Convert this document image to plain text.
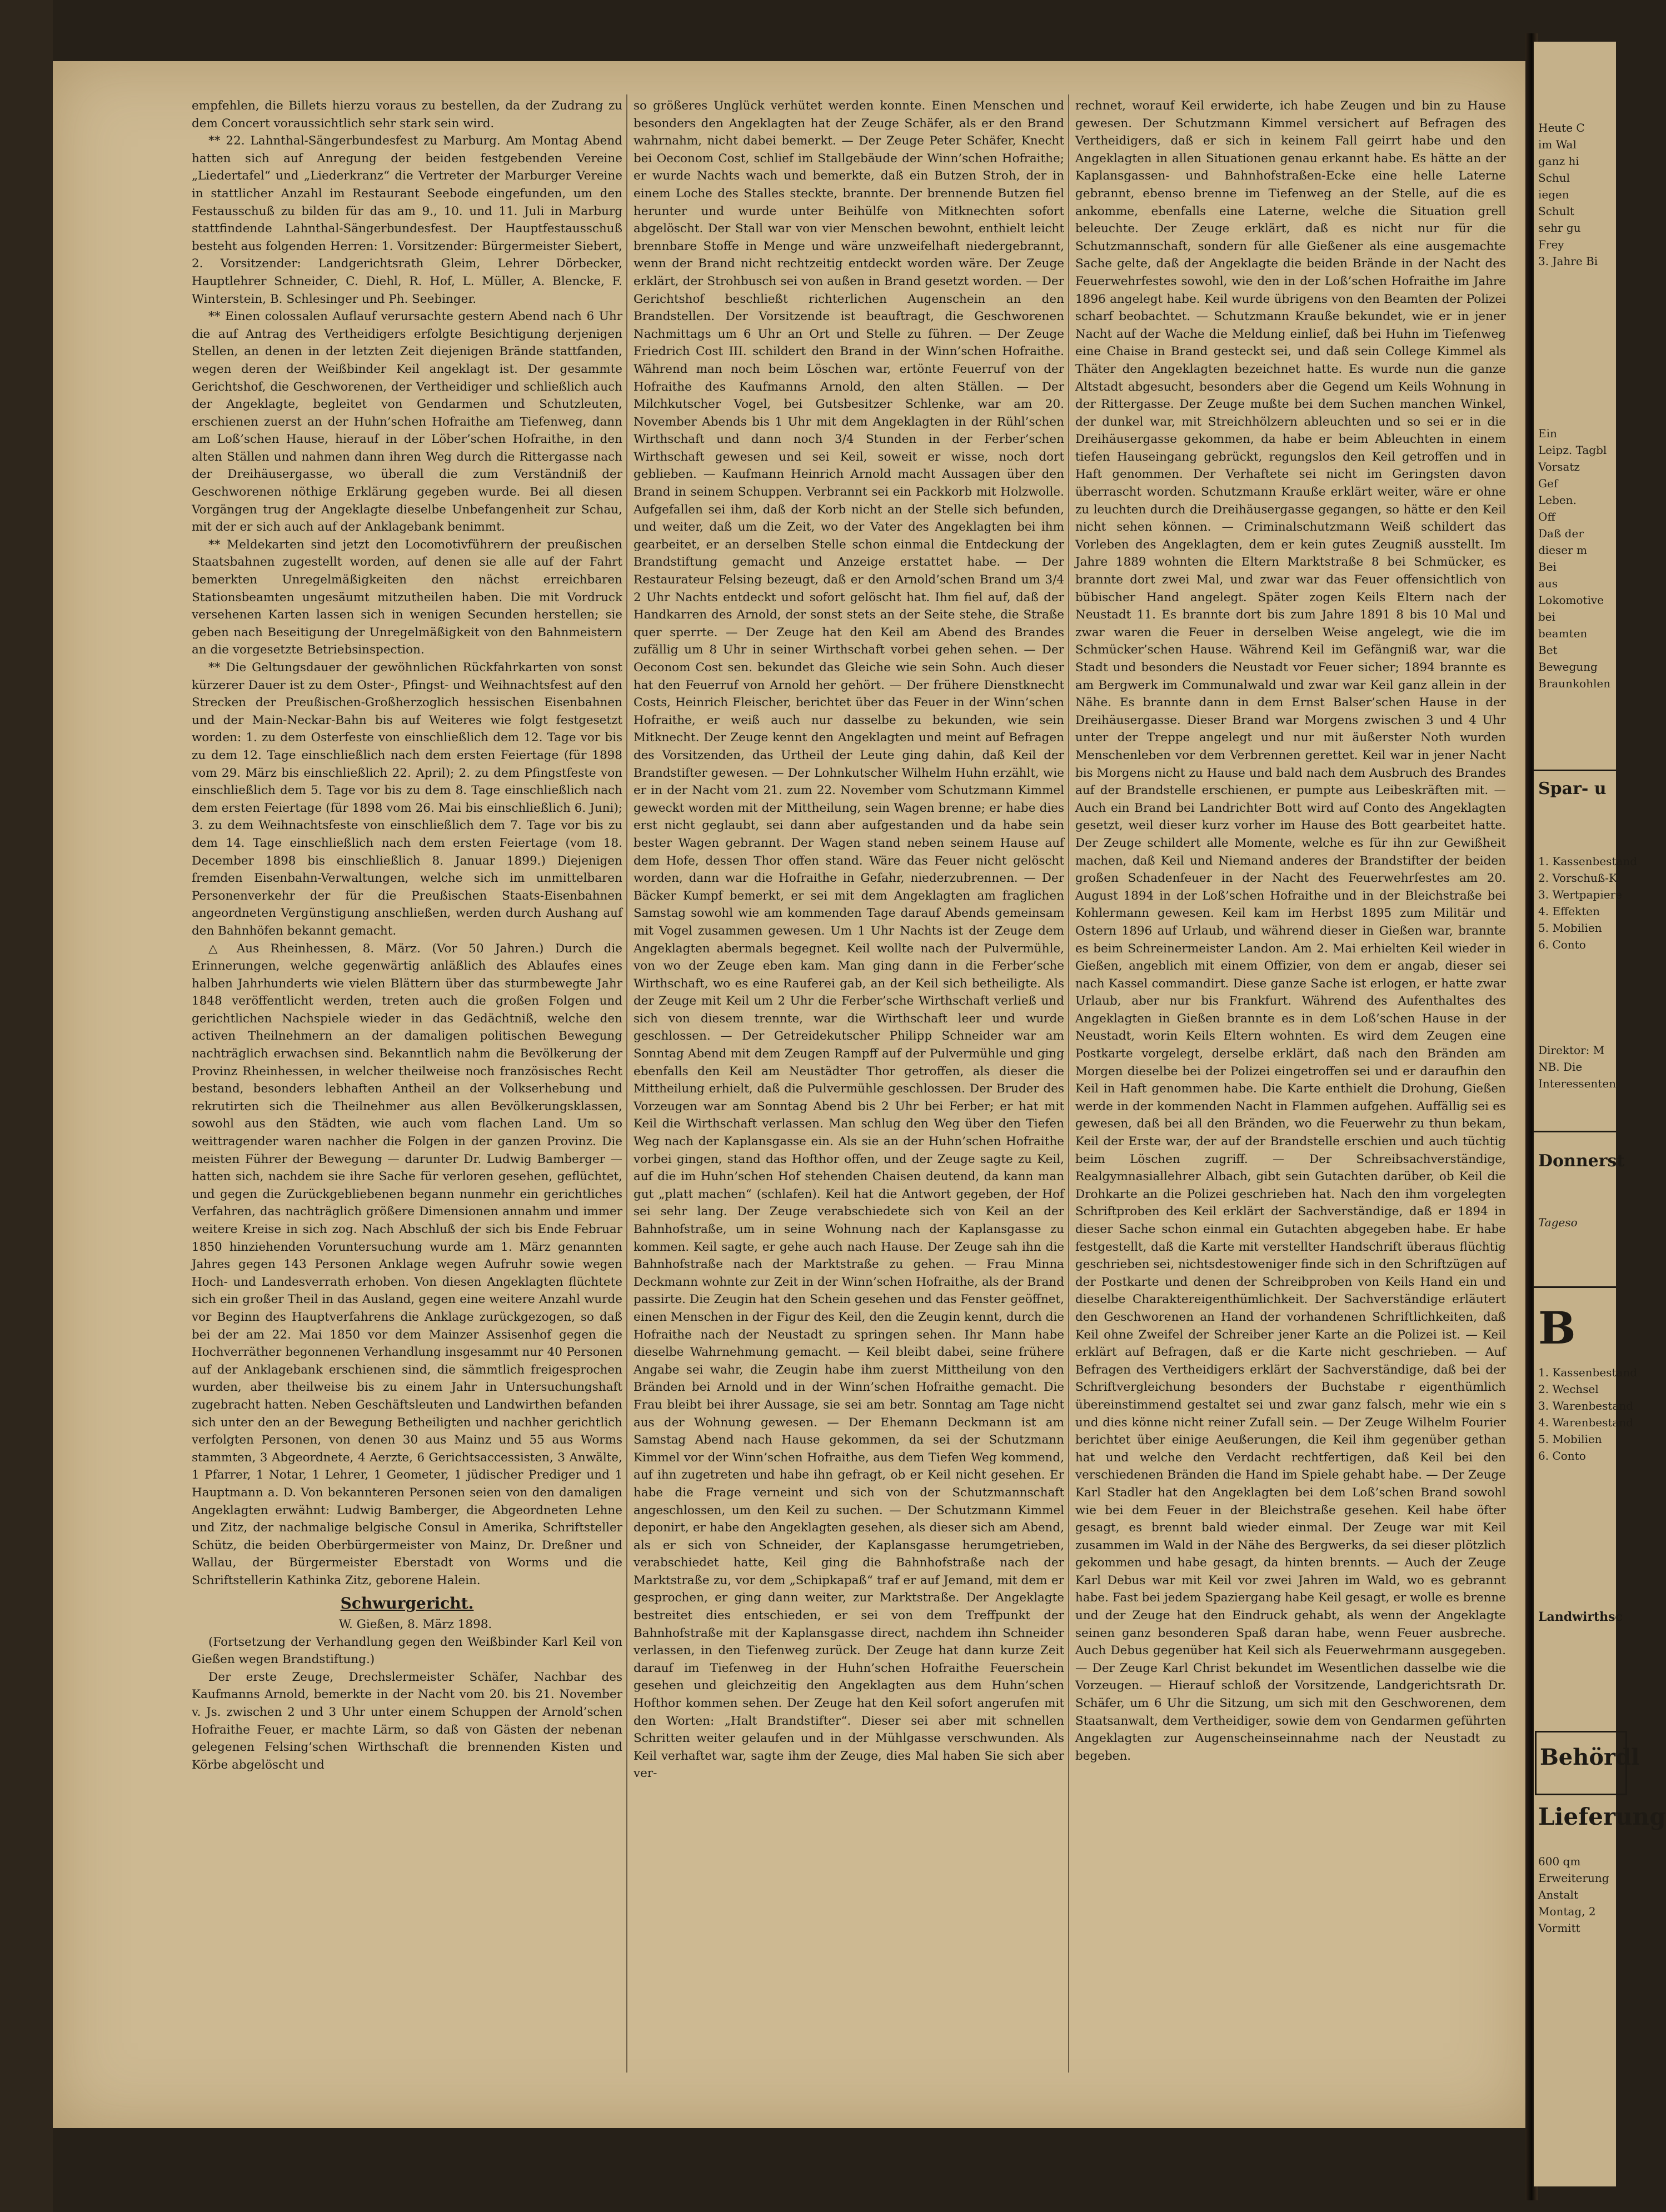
empfehlen, die Billets hierzu voraus zu bestellen, da der Zudrang zu dem Concert voraussichtlich sehr stark sein wird.

** 22. Lahnthal-Sängerbundesfest zu Marburg. Am Montag Abend hatten sich auf Anregung der beiden festgebenden Vereine „Liedertafel“ und „Liederkranz“ die Vertreter der Marburger Vereine in stattlicher Anzahl im Restaurant Seebode eingefunden, um den Festausschuß zu bilden für das am 9., 10. und 11. Juli in Marburg stattfindende Lahnthal-Sängerbundesfest. Der Hauptfestausschuß besteht aus folgenden Herren: 1. Vorsitzender: Bürgermeister Siebert, 2. Vorsitzender: Landgerichtsrath Gleim, Lehrer Dörbecker, Hauptlehrer Schneider, C. Diehl, R. Hof, L. Müller, A. Blencke, F. Winterstein, B. Schlesinger und Ph. Seebinger.

** Einen colossalen Auflauf verursachte gestern Abend nach 6 Uhr die auf Antrag des Vertheidigers erfolgte Besichtigung derjenigen Stellen, an denen in der letzten Zeit diejenigen Brände stattfanden, wegen deren der Weißbinder Keil angeklagt ist. Der gesammte Gerichtshof, die Geschworenen, der Vertheidiger und schließlich auch der Angeklagte, begleitet von Gendarmen und Schutzleuten, erschienen zuerst an der Huhn’schen Hofraithe am Tiefenweg, dann am Loß’schen Hause, hierauf in der Löber’schen Hofraithe, in den alten Ställen und nahmen dann ihren Weg durch die Rittergasse nach der Dreihäusergasse, wo überall die zum Verständniß der Geschworenen nöthige Erklärung gegeben wurde. Bei all diesen Vorgängen trug der Angeklagte dieselbe Unbefangenheit zur Schau, mit der er sich auch auf der Anklagebank benimmt.

** Meldekarten sind jetzt den Locomotivführern der preußischen Staatsbahnen zugestellt worden, auf denen sie alle auf der Fahrt bemerkten Unregelmäßigkeiten den nächst erreichbaren Stationsbeamten ungesäumt mitzutheilen haben. Die mit Vordruck versehenen Karten lassen sich in wenigen Secunden herstellen; sie geben nach Beseitigung der Unregelmäßigkeit von den Bahnmeistern an die vorgesetzte Betriebsinspection.

** Die Geltungsdauer der gewöhnlichen Rückfahrkarten von sonst kürzerer Dauer ist zu dem Oster-, Pfingst- und Weihnachtsfest auf den Strecken der Preußischen-Großherzoglich hessischen Eisenbahnen und der Main-Neckar-Bahn bis auf Weiteres wie folgt festgesetzt worden: 1. zu dem Osterfeste von einschließlich dem 12. Tage vor bis zu dem 12. Tage einschließlich nach dem ersten Feiertage (für 1898 vom 29. März bis einschließlich 22. April); 2. zu dem Pfingstfeste von einschließlich dem 5. Tage vor bis zu dem 8. Tage einschließlich nach dem ersten Feiertage (für 1898 vom 26. Mai bis einschließlich 6. Juni); 3. zu dem Weihnachtsfeste von einschließlich dem 7. Tage vor bis zu dem 14. Tage einschließlich nach dem ersten Feiertage (vom 18. December 1898 bis einschließlich 8. Januar 1899.) Diejenigen fremden Eisenbahn-Verwaltungen, welche sich im unmittelbaren Personenverkehr der für die Preußischen Staats-Eisenbahnen angeordneten Vergünstigung anschließen, werden durch Aushang auf den Bahnhöfen bekannt gemacht.

△ Aus Rheinhessen, 8. März. (Vor 50 Jahren.) Durch die Erinnerungen, welche gegenwärtig anläßlich des Ablaufes eines halben Jahrhunderts wie vielen Blättern über das sturmbewegte Jahr 1848 veröffentlicht werden, treten auch die großen Folgen und gerichtlichen Nachspiele wieder in das Gedächtniß, welche den activen Theilnehmern an der damaligen politischen Bewegung nachträglich erwachsen sind. Bekanntlich nahm die Bevölkerung der Provinz Rheinhessen, in welcher theilweise noch französisches Recht bestand, besonders lebhaften Antheil an der Volkserhebung und rekrutirten sich die Theilnehmer aus allen Bevölkerungsklassen, sowohl aus den Städten, wie auch vom flachen Land. Um so weittragender waren nachher die Folgen in der ganzen Provinz. Die meisten Führer der Bewegung — darunter Dr. Ludwig Bamberger — hatten sich, nachdem sie ihre Sache für verloren gesehen, geflüchtet, und gegen die Zurückgebliebenen begann nunmehr ein gerichtliches Verfahren, das nachträglich größere Dimensionen annahm und immer weitere Kreise in sich zog. Nach Abschluß der sich bis Ende Februar 1850 hinziehenden Voruntersuchung wurde am 1. März genannten Jahres gegen 143 Personen Anklage wegen Aufruhr sowie wegen Hoch- und Landesverrath erhoben. Von diesen Angeklagten flüchtete sich ein großer Theil in das Ausland, gegen eine weitere Anzahl wurde vor Beginn des Hauptverfahrens die Anklage zurückgezogen, so daß bei der am 22. Mai 1850 vor dem Mainzer Assisenhof gegen die Hochverräther begonnenen Verhandlung insgesammt nur 40 Personen auf der Anklagebank erschienen sind, die sämmtlich freigesprochen wurden, aber theilweise bis zu einem Jahr in Untersuchungshaft zugebracht hatten. Neben Geschäftsleuten und Landwirthen befanden sich unter den an der Bewegung Betheiligten und nachher gerichtlich verfolgten Personen, von denen 30 aus Mainz und 55 aus Worms stammten, 3 Abgeordnete, 4 Aerzte, 6 Gerichtsaccessisten, 3 Anwälte, 1 Pfarrer, 1 Notar, 1 Lehrer, 1 Geometer, 1 jüdischer Prediger und 1 Hauptmann a. D. Von bekannteren Personen seien von den damaligen Angeklagten erwähnt: Ludwig Bamberger, die Abgeordneten Lehne und Zitz, der nachmalige belgische Consul in Amerika, Schriftsteller Schütz, die beiden Oberbürgermeister von Mainz, Dr. Dreßner und Wallau, der Bürgermeister Eberstadt von Worms und die Schriftstellerin Kathinka Zitz, geborene Halein.

Schwurgericht.

W. Gießen, 8. März 1898.

(Fortsetzung der Verhandlung gegen den Weißbinder Karl Keil von Gießen wegen Brandstiftung.)

Der erste Zeuge, Drechslermeister Schäfer, Nachbar des Kaufmanns Arnold, bemerkte in der Nacht vom 20. bis 21. November v. Js. zwischen 2 und 3 Uhr unter einem Schuppen der Arnold’schen Hofraithe Feuer, er machte Lärm, so daß von Gästen der nebenan gelegenen Felsing’schen Wirthschaft die brennenden Kisten und Körbe abgelöscht und

so größeres Unglück verhütet werden konnte. Einen Menschen und besonders den Angeklagten hat der Zeuge Schäfer, als er den Brand wahrnahm, nicht dabei bemerkt. — Der Zeuge Peter Schäfer, Knecht bei Oeconom Cost, schlief im Stallgebäude der Winn’schen Hofraithe; er wurde Nachts wach und bemerkte, daß ein Butzen Stroh, der in einem Loche des Stalles steckte, brannte. Der brennende Butzen fiel herunter und wurde unter Beihülfe von Mitknechten sofort abgelöscht. Der Stall war von vier Menschen bewohnt, enthielt leicht brennbare Stoffe in Menge und wäre unzweifelhaft niedergebrannt, wenn der Brand nicht rechtzeitig entdeckt worden wäre. Der Zeuge erklärt, der Strohbusch sei von außen in Brand gesetzt worden. — Der Gerichtshof beschließt richterlichen Augenschein an den Brandstellen. Der Vorsitzende ist beauftragt, die Geschworenen Nachmittags um 6 Uhr an Ort und Stelle zu führen. — Der Zeuge Friedrich Cost III. schildert den Brand in der Winn’schen Hofraithe. Während man noch beim Löschen war, ertönte Feuerruf von der Hofraithe des Kaufmanns Arnold, den alten Ställen. — Der Milchkutscher Vogel, bei Gutsbesitzer Schlenke, war am 20. November Abends bis 1 Uhr mit dem Angeklagten in der Rühl’schen Wirthschaft und dann noch 3/4 Stunden in der Ferber’schen Wirthschaft gewesen und sei Keil, soweit er wisse, noch dort geblieben. — Kaufmann Heinrich Arnold macht Aussagen über den Brand in seinem Schuppen. Verbrannt sei ein Packkorb mit Holzwolle. Aufgefallen sei ihm, daß der Korb nicht an der Stelle sich befunden, und weiter, daß um die Zeit, wo der Vater des Angeklagten bei ihm gearbeitet, er an derselben Stelle schon einmal die Entdeckung der Brandstiftung gemacht und Anzeige erstattet habe. — Der Restaurateur Felsing bezeugt, daß er den Arnold’schen Brand um 3/4 2 Uhr Nachts entdeckt und sofort gelöscht hat. Ihm fiel auf, daß der Handkarren des Arnold, der sonst stets an der Seite stehe, die Straße quer sperrte. — Der Zeuge hat den Keil am Abend des Brandes zufällig um 8 Uhr in seiner Wirthschaft vorbei gehen sehen. — Der Oeconom Cost sen. bekundet das Gleiche wie sein Sohn. Auch dieser hat den Feuerruf von Arnold her gehört. — Der frühere Dienstknecht Costs, Heinrich Fleischer, berichtet über das Feuer in der Winn’schen Hofraithe, er weiß auch nur dasselbe zu bekunden, wie sein Mitknecht. Der Zeuge kennt den Angeklagten und meint auf Befragen des Vorsitzenden, das Urtheil der Leute ging dahin, daß Keil der Brandstifter gewesen. — Der Lohnkutscher Wilhelm Huhn erzählt, wie er in der Nacht vom 21. zum 22. November vom Schutzmann Kimmel geweckt worden mit der Mittheilung, sein Wagen brenne; er habe dies erst nicht geglaubt, sei dann aber aufgestanden und da habe sein bester Wagen gebrannt. Der Wagen stand neben seinem Hause auf dem Hofe, dessen Thor offen stand. Wäre das Feuer nicht gelöscht worden, dann war die Hofraithe in Gefahr, niederzubrennen. — Der Bäcker Kumpf bemerkt, er sei mit dem Angeklagten am fraglichen Samstag sowohl wie am kommenden Tage darauf Abends gemeinsam mit Vogel zusammen gewesen. Um 1 Uhr Nachts ist der Zeuge dem Angeklagten abermals begegnet. Keil wollte nach der Pulvermühle, von wo der Zeuge eben kam. Man ging dann in die Ferber’sche Wirthschaft, wo es eine Rauferei gab, an der Keil sich betheiligte. Als der Zeuge mit Keil um 2 Uhr die Ferber’sche Wirthschaft verließ und sich von diesem trennte, war die Wirthschaft leer und wurde geschlossen. — Der Getreidekutscher Philipp Schneider war am Sonntag Abend mit dem Zeugen Rampff auf der Pulvermühle und ging ebenfalls den Keil am Neustädter Thor getroffen, als dieser die Mittheilung erhielt, daß die Pulvermühle geschlossen. Der Bruder des Vorzeugen war am Sonntag Abend bis 2 Uhr bei Ferber; er hat mit Keil die Wirthschaft verlassen. Man schlug den Weg über den Tiefen Weg nach der Kaplansgasse ein. Als sie an der Huhn’schen Hofraithe vorbei gingen, stand das Hofthor offen, und der Zeuge sagte zu Keil, auf die im Huhn’schen Hof stehenden Chaisen deutend, da kann man gut „platt machen“ (schlafen). Keil hat die Antwort gegeben, der Hof sei sehr lang. Der Zeuge verabschiedete sich von Keil an der Bahnhofstraße, um in seine Wohnung nach der Kaplansgasse zu kommen. Keil sagte, er gehe auch nach Hause. Der Zeuge sah ihn die Bahnhofstraße nach der Marktstraße zu gehen. — Frau Minna Deckmann wohnte zur Zeit in der Winn’schen Hofraithe, als der Brand passirte. Die Zeugin hat den Schein gesehen und das Fenster geöffnet, einen Menschen in der Figur des Keil, den die Zeugin kennt, durch die Hofraithe nach der Neustadt zu springen sehen. Ihr Mann habe dieselbe Wahrnehmung gemacht. — Keil bleibt dabei, seine frühere Angabe sei wahr, die Zeugin habe ihm zuerst Mittheilung von den Bränden bei Arnold und in der Winn’schen Hofraithe gemacht. Die Frau bleibt bei ihrer Aussage, sie sei am betr. Sonntag am Tage nicht aus der Wohnung gewesen. — Der Ehemann Deckmann ist am Samstag Abend nach Hause gekommen, da sei der Schutzmann Kimmel vor der Winn’schen Hofraithe, aus dem Tiefen Weg kommend, auf ihn zugetreten und habe ihn gefragt, ob er Keil nicht gesehen. Er habe die Frage verneint und sich von der Schutzmannschaft angeschlossen, um den Keil zu suchen. — Der Schutzmann Kimmel deponirt, er habe den Angeklagten gesehen, als dieser sich am Abend, als er sich von Schneider, der Kaplansgasse herumgetrieben, verabschiedet hatte, Keil ging die Bahnhofstraße nach der Marktstraße zu, vor dem „Schipkapaß“ traf er auf Jemand, mit dem er gesprochen, er ging dann weiter, zur Marktstraße. Der Angeklagte bestreitet dies entschieden, er sei von dem Treffpunkt der Bahnhofstraße mit der Kaplansgasse direct, nachdem ihn Schneider verlassen, in den Tiefenweg zurück. Der Zeuge hat dann kurze Zeit darauf im Tiefenweg in der Huhn’schen Hofraithe Feuerschein gesehen und gleichzeitig den Angeklagten aus dem Huhn’schen Hofthor kommen sehen. Der Zeuge hat den Keil sofort angerufen mit den Worten: „Halt Brandstifter“. Dieser sei aber mit schnellen Schritten weiter gelaufen und in der Mühlgasse verschwunden. Als Keil verhaftet war, sagte ihm der Zeuge, dies Mal haben Sie sich aber ver-

rechnet, worauf Keil erwiderte, ich habe Zeugen und bin zu Hause gewesen. Der Schutzmann Kimmel versichert auf Befragen des Vertheidigers, daß er sich in keinem Fall geirrt habe und den Angeklagten in allen Situationen genau erkannt habe. Es hätte an der Kaplansgassen- und Bahnhofstraßen-Ecke eine helle Laterne gebrannt, ebenso brenne im Tiefenweg an der Stelle, auf die es ankomme, ebenfalls eine Laterne, welche die Situation grell beleuchte. Der Zeuge erklärt, daß es nicht nur für die Schutzmannschaft, sondern für alle Gießener als eine ausgemachte Sache gelte, daß der Angeklagte die beiden Brände in der Nacht des Feuerwehrfestes sowohl, wie den in der Loß’schen Hofraithe im Jahre 1896 angelegt habe. Keil wurde übrigens von den Beamten der Polizei scharf beobachtet. — Schutzmann Krauße bekundet, wie er in jener Nacht auf der Wache die Meldung einlief, daß bei Huhn im Tiefenweg eine Chaise in Brand gesteckt sei, und daß sein College Kimmel als Thäter den Angeklagten bezeichnet hatte. Es wurde nun die ganze Altstadt abgesucht, besonders aber die Gegend um Keils Wohnung in der Rittergasse. Der Zeuge mußte bei dem Suchen manchen Winkel, der dunkel war, mit Streichhölzern ableuchten und so sei er in die Dreihäusergasse gekommen, da habe er beim Ableuchten in einem tiefen Hauseingang gebrückt, regungslos den Keil getroffen und in Haft genommen. Der Verhaftete sei nicht im Geringsten davon überrascht worden. Schutzmann Krauße erklärt weiter, wäre er ohne zu leuchten durch die Dreihäusergasse gegangen, so hätte er den Keil nicht sehen können. — Criminalschutzmann Weiß schildert das Vorleben des Angeklagten, dem er kein gutes Zeugniß ausstellt. Im Jahre 1889 wohnten die Eltern Marktstraße 8 bei Schmücker, es brannte dort zwei Mal, und zwar war das Feuer offensichtlich von bübischer Hand angelegt. Später zogen Keils Eltern nach der Neustadt 11. Es brannte dort bis zum Jahre 1891 8 bis 10 Mal und zwar waren die Feuer in derselben Weise angelegt, wie die im Schmücker’schen Hause. Während Keil im Gefängniß war, war die Stadt und besonders die Neustadt vor Feuer sicher; 1894 brannte es am Bergwerk im Communalwald und zwar war Keil ganz allein in der Nähe. Es brannte dann in dem Ernst Balser’schen Hause in der Dreihäusergasse. Dieser Brand war Morgens zwischen 3 und 4 Uhr unter der Treppe angelegt und nur mit äußerster Noth wurden Menschenleben vor dem Verbrennen gerettet. Keil war in jener Nacht bis Morgens nicht zu Hause und bald nach dem Ausbruch des Brandes auf der Brandstelle erschienen, er pumpte aus Leibeskräften mit. — Auch ein Brand bei Landrichter Bott wird auf Conto des Angeklagten gesetzt, weil dieser kurz vorher im Hause des Bott gearbeitet hatte. Der Zeuge schildert alle Momente, welche es für ihn zur Gewißheit machen, daß Keil und Niemand anderes der Brandstifter der beiden großen Schadenfeuer in der Nacht des Feuerwehrfestes am 20. August 1894 in der Loß’schen Hofraithe und in der Bleichstraße bei Kohlermann gewesen. Keil kam im Herbst 1895 zum Militär und Ostern 1896 auf Urlaub, und während dieser in Gießen war, brannte es beim Schreinermeister Landon. Am 2. Mai erhielten Keil wieder in Gießen, angeblich mit einem Offizier, von dem er angab, dieser sei nach Kassel commandirt. Diese ganze Sache ist erlogen, er hatte zwar Urlaub, aber nur bis Frankfurt. Während des Aufenthaltes des Angeklagten in Gießen brannte es in dem Loß’schen Hause in der Neustadt, worin Keils Eltern wohnten. Es wird dem Zeugen eine Postkarte vorgelegt, derselbe erklärt, daß nach den Bränden am Morgen dieselbe bei der Polizei eingetroffen sei und er daraufhin den Keil in Haft genommen habe. Die Karte enthielt die Drohung, Gießen werde in der kommenden Nacht in Flammen aufgehen. Auffällig sei es gewesen, daß bei all den Bränden, wo die Feuerwehr zu thun bekam, Keil der Erste war, der auf der Brandstelle erschien und auch tüchtig beim Löschen zugriff. — Der Schreibsachverständige, Realgymnasiallehrer Albach, gibt sein Gutachten darüber, ob Keil die Drohkarte an die Polizei geschrieben hat. Nach den ihm vorgelegten Schriftproben des Keil erklärt der Sachverständige, daß er 1894 in dieser Sache schon einmal ein Gutachten abgegeben habe. Er habe festgestellt, daß die Karte mit verstellter Handschrift überaus flüchtig geschrieben sei, nichtsdestoweniger finde sich in den Schriftzügen auf der Postkarte und denen der Schreibproben von Keils Hand ein und dieselbe Charaktereigenthümlichkeit. Der Sachverständige erläutert den Geschworenen an Hand der vorhandenen Schriftlichkeiten, daß Keil ohne Zweifel der Schreiber jener Karte an die Polizei ist. — Keil erklärt auf Befragen, daß er die Karte nicht geschrieben. — Auf Befragen des Vertheidigers erklärt der Sachverständige, daß bei der Schriftvergleichung besonders der Buchstabe r eigenthümlich übereinstimmend gestaltet sei und zwar ganz falsch, mehr wie ein s und dies könne nicht reiner Zufall sein. — Der Zeuge Wilhelm Fourier berichtet über einige Aeußerungen, die Keil ihm gegenüber gethan hat und welche den Verdacht rechtfertigen, daß Keil bei den verschiedenen Bränden die Hand im Spiele gehabt habe. — Der Zeuge Karl Stadler hat den Angeklagten bei dem Loß’schen Brand sowohl wie bei dem Feuer in der Bleichstraße gesehen. Keil habe öfter gesagt, es brennt bald wieder einmal. Der Zeuge war mit Keil zusammen im Wald in der Nähe des Bergwerks, da sei dieser plötzlich gekommen und habe gesagt, da hinten brennts. — Auch der Zeuge Karl Debus war mit Keil vor zwei Jahren im Wald, wo es gebrannt habe. Fast bei jedem Spaziergang habe Keil gesagt, er wolle es brenne und der Zeuge hat den Eindruck gehabt, als wenn der Angeklagte seinen ganz besonderen Spaß daran habe, wenn Feuer ausbreche. Auch Debus gegenüber hat Keil sich als Feuerwehrmann ausgegeben. — Der Zeuge Karl Christ bekundet im Wesentlichen dasselbe wie die Vorzeugen. — Hierauf schloß der Vorsitzende, Landgerichtsrath Dr. Schäfer, um 6 Uhr die Sitzung, um sich mit den Geschworenen, dem Staatsanwalt, dem Vertheidiger, sowie dem von Gendarmen geführten Angeklagten zur Augenscheinseinnahme nach der Neustadt zu begeben.

Heute C
im Wal
ganz hi
Schul
iegen
Schult
sehr gu
Frey
3. Jahre Bi
Ein
Leipz. Tagbl
Vorsatz
Gef
Leben.
Off
Daß der
dieser m
Bei
aus
Lokomotive
bei
beamten
Bet
Bewegung
Braunkohlen
Spar- u
1. Kassenbestand
2. Vorschuß-K
3. Wertpapiere
4. Effekten
5. Mobilien
6. Conto
Direktor: M
NB. Die
Interessenten
Donnerst
Tageso
B
1. Kassenbestand
2. Wechsel
3. Warenbestand
4. Warenbestand
5. Mobilien
6. Conto
Landwirthsc
Behördl
Lieferung
600 qm
Erweiterung
Anstalt
Montag, 2
Vormitt
